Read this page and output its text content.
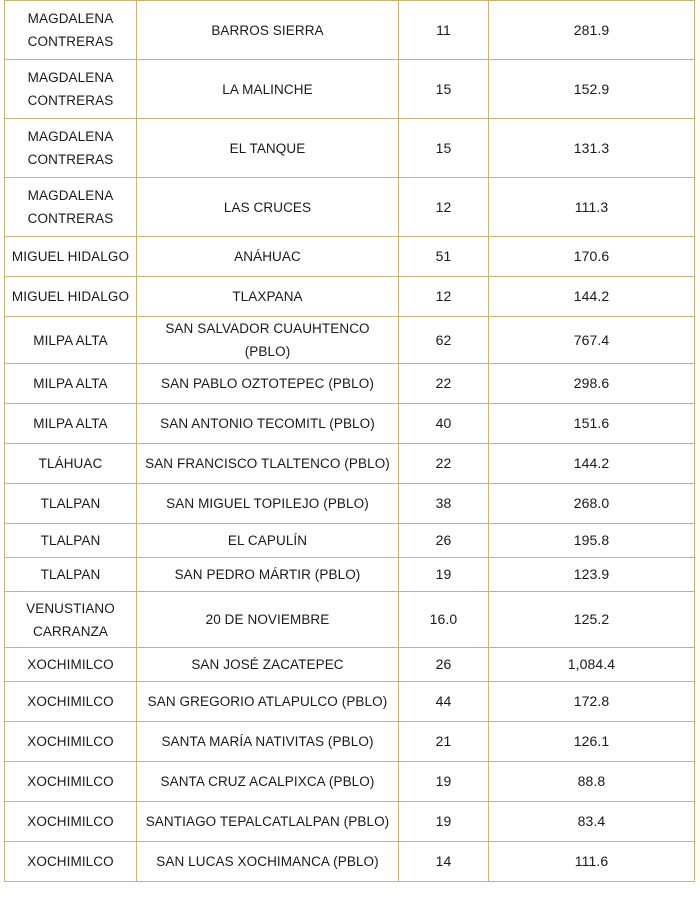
MAGDALENA CONTRERAS	BARROS SIERRA	11	281.9
MAGDALENA CONTRERAS	LA MALINCHE	15	152.9
MAGDALENA CONTRERAS	EL TANQUE	15	131.3
MAGDALENA CONTRERAS	LAS CRUCES	12	111.3
MIGUEL HIDALGO	ANÁHUAC	51	170.6
MIGUEL HIDALGO	TLAXPANA	12	144.2
MILPA ALTA	SAN SALVADOR CUAUHTENCO (PBLO)	62	767.4
MILPA ALTA	SAN PABLO OZTOTEPEC (PBLO)	22	298.6
MILPA ALTA	SAN ANTONIO TECOMITL (PBLO)	40	151.6
TLÁHUAC	SAN FRANCISCO TLALTENCO (PBLO)	22	144.2
TLALPAN	SAN MIGUEL TOPILEJO (PBLO)	38	268.0
TLALPAN	EL CAPULÍN	26	195.8
TLALPAN	SAN PEDRO MÁRTIR (PBLO)	19	123.9
VENUSTIANO CARRANZA	20 DE NOVIEMBRE	16.0	125.2
XOCHIMILCO	SAN JOSÉ ZACATEPEC	26	1,084.4
XOCHIMILCO	SAN GREGORIO ATLAPULCO (PBLO)	44	172.8
XOCHIMILCO	SANTA MARÍA NATIVITAS (PBLO)	21	126.1
XOCHIMILCO	SANTA CRUZ ACALPIXCA (PBLO)	19	88.8
XOCHIMILCO	SANTIAGO TEPALCATLALPAN (PBLO)	19	83.4
XOCHIMILCO	SAN LUCAS XOCHIMANCA (PBLO)	14	111.6
